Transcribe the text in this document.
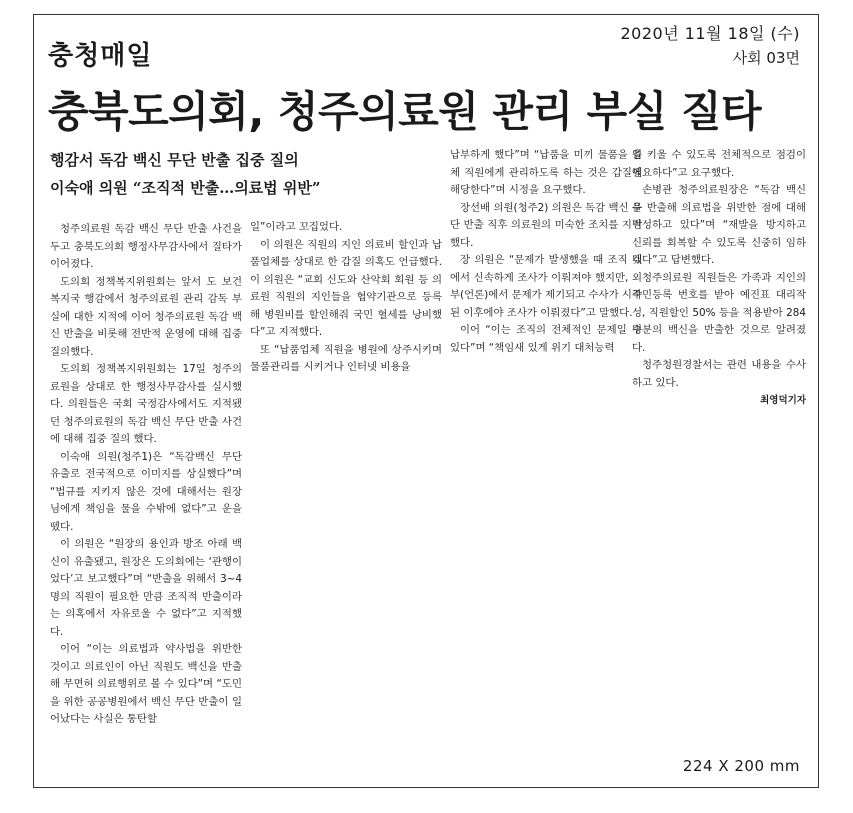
2020년 11월 18일 (수)
사회 03면
충청매일
충북도의회, 청주의료원 관리 부실 질타
행감서 독감 백신 무단 반출 집중 질의
이숙애 의원 “조직적 반출…의료법 위반”

청주의료원 독감 백신 무단 반출 사건을 두고 충북도의회 행정사무감사에서 질타가 이어졌다.

도의회 정책복지위원회는 앞서 도 보건복지국 행감에서 청주의료원 관리 감독 부실에 대한 지적에 이어 청주의료원 독감 백신 반출을 비롯해 전반적 운영에 대해 집중 질의했다.

도의회 정책복지위원회는 17일 청주의료원을 상대로 한 행정사무감사를 실시했다. 의원들은 국회 국정감사에서도 지적됐던 청주의료원의 독감 백신 무단 반출 사건에 대해 집중 질의 했다.

이숙애 의원(청주1)은 “독감백신 무단 유출로 전국적으로 이미지를 상실했다”며 “법규를 지키지 않은 것에 대해서는 원장님에게 책임을 물을 수밖에 없다”고 운을 뗐다.

이 의원은 “원장의 용인과 방조 아래 백신이 유출됐고, 원장은 도의회에는 ‘관행이었다’고 보고했다”며 “반출을 위해서 3~4명의 직원이 필요한 만큼 조직적 반출이라는 의혹에서 자유로울 수 없다”고 지적했다.

이어 “이는 의료법과 약사법을 위반한 것이고 의료인이 아닌 직원도 백신을 반출해 무면허 의료행위로 볼 수 있다”며 “도민을 위한 공공병원에서 백신 무단 반출이 일어났다는 사실은 통탄할

일”이라고 꼬집었다.

이 의원은 직원의 지인 의료비 할인과 납품업체를 상대로 한 갑질 의혹도 언급했다. 이 의원은 “교회 신도와 산악회 회원 등 의료원 직원의 지인들을 협약기관으로 등록해 병원비를 할인해줘 국민 혈세를 낭비했다”고 지적했다.

또 “납품업체 직원을 병원에 상주시키며 물품관리를 시키거나 인터넷 비용을

납부하게 했다”며 “납품을 미끼 물품을 업체 직원에게 관리하도록 하는 것은 갑질에 해당한다”며 시정을 요구했다.

장선배 의원(청주2) 의원은 독감 백신 무단 반출 직후 의료원의 미숙한 조치를 지적했다.

장 의원은 “문제가 발생했을 때 조직 내에서 신속하게 조사가 이뤄져야 했지만, 외부(언론)에서 문제가 제기되고 수사가 시작된 이후에야 조사가 이뤄졌다”고 말했다.

이어 “이는 조직의 전체적인 문제일 수 있다”며 “책임새 있게 위기 대처능력

을 키울 수 있도록 전체적으로 점검이 필요하다”고 요구했다.

손병관 청주의료원장은 “독감 백신을 반출해 의료법을 위반한 점에 대해 반성하고 있다”며 “재발을 방지하고 신뢰를 회복할 수 있도록 신중히 임하겠다”고 답변했다.

청주의료원 직원들은 가족과 지인의 주민등록 번호를 받아 예진표 대리작성, 직원할인 50% 등을 적용받아 284명분의 백신을 반출한 것으로 알려졌다.

청주청원경찰서는 관련 내용을 수사하고 있다.

최영덕기자
224 X 200 mm
